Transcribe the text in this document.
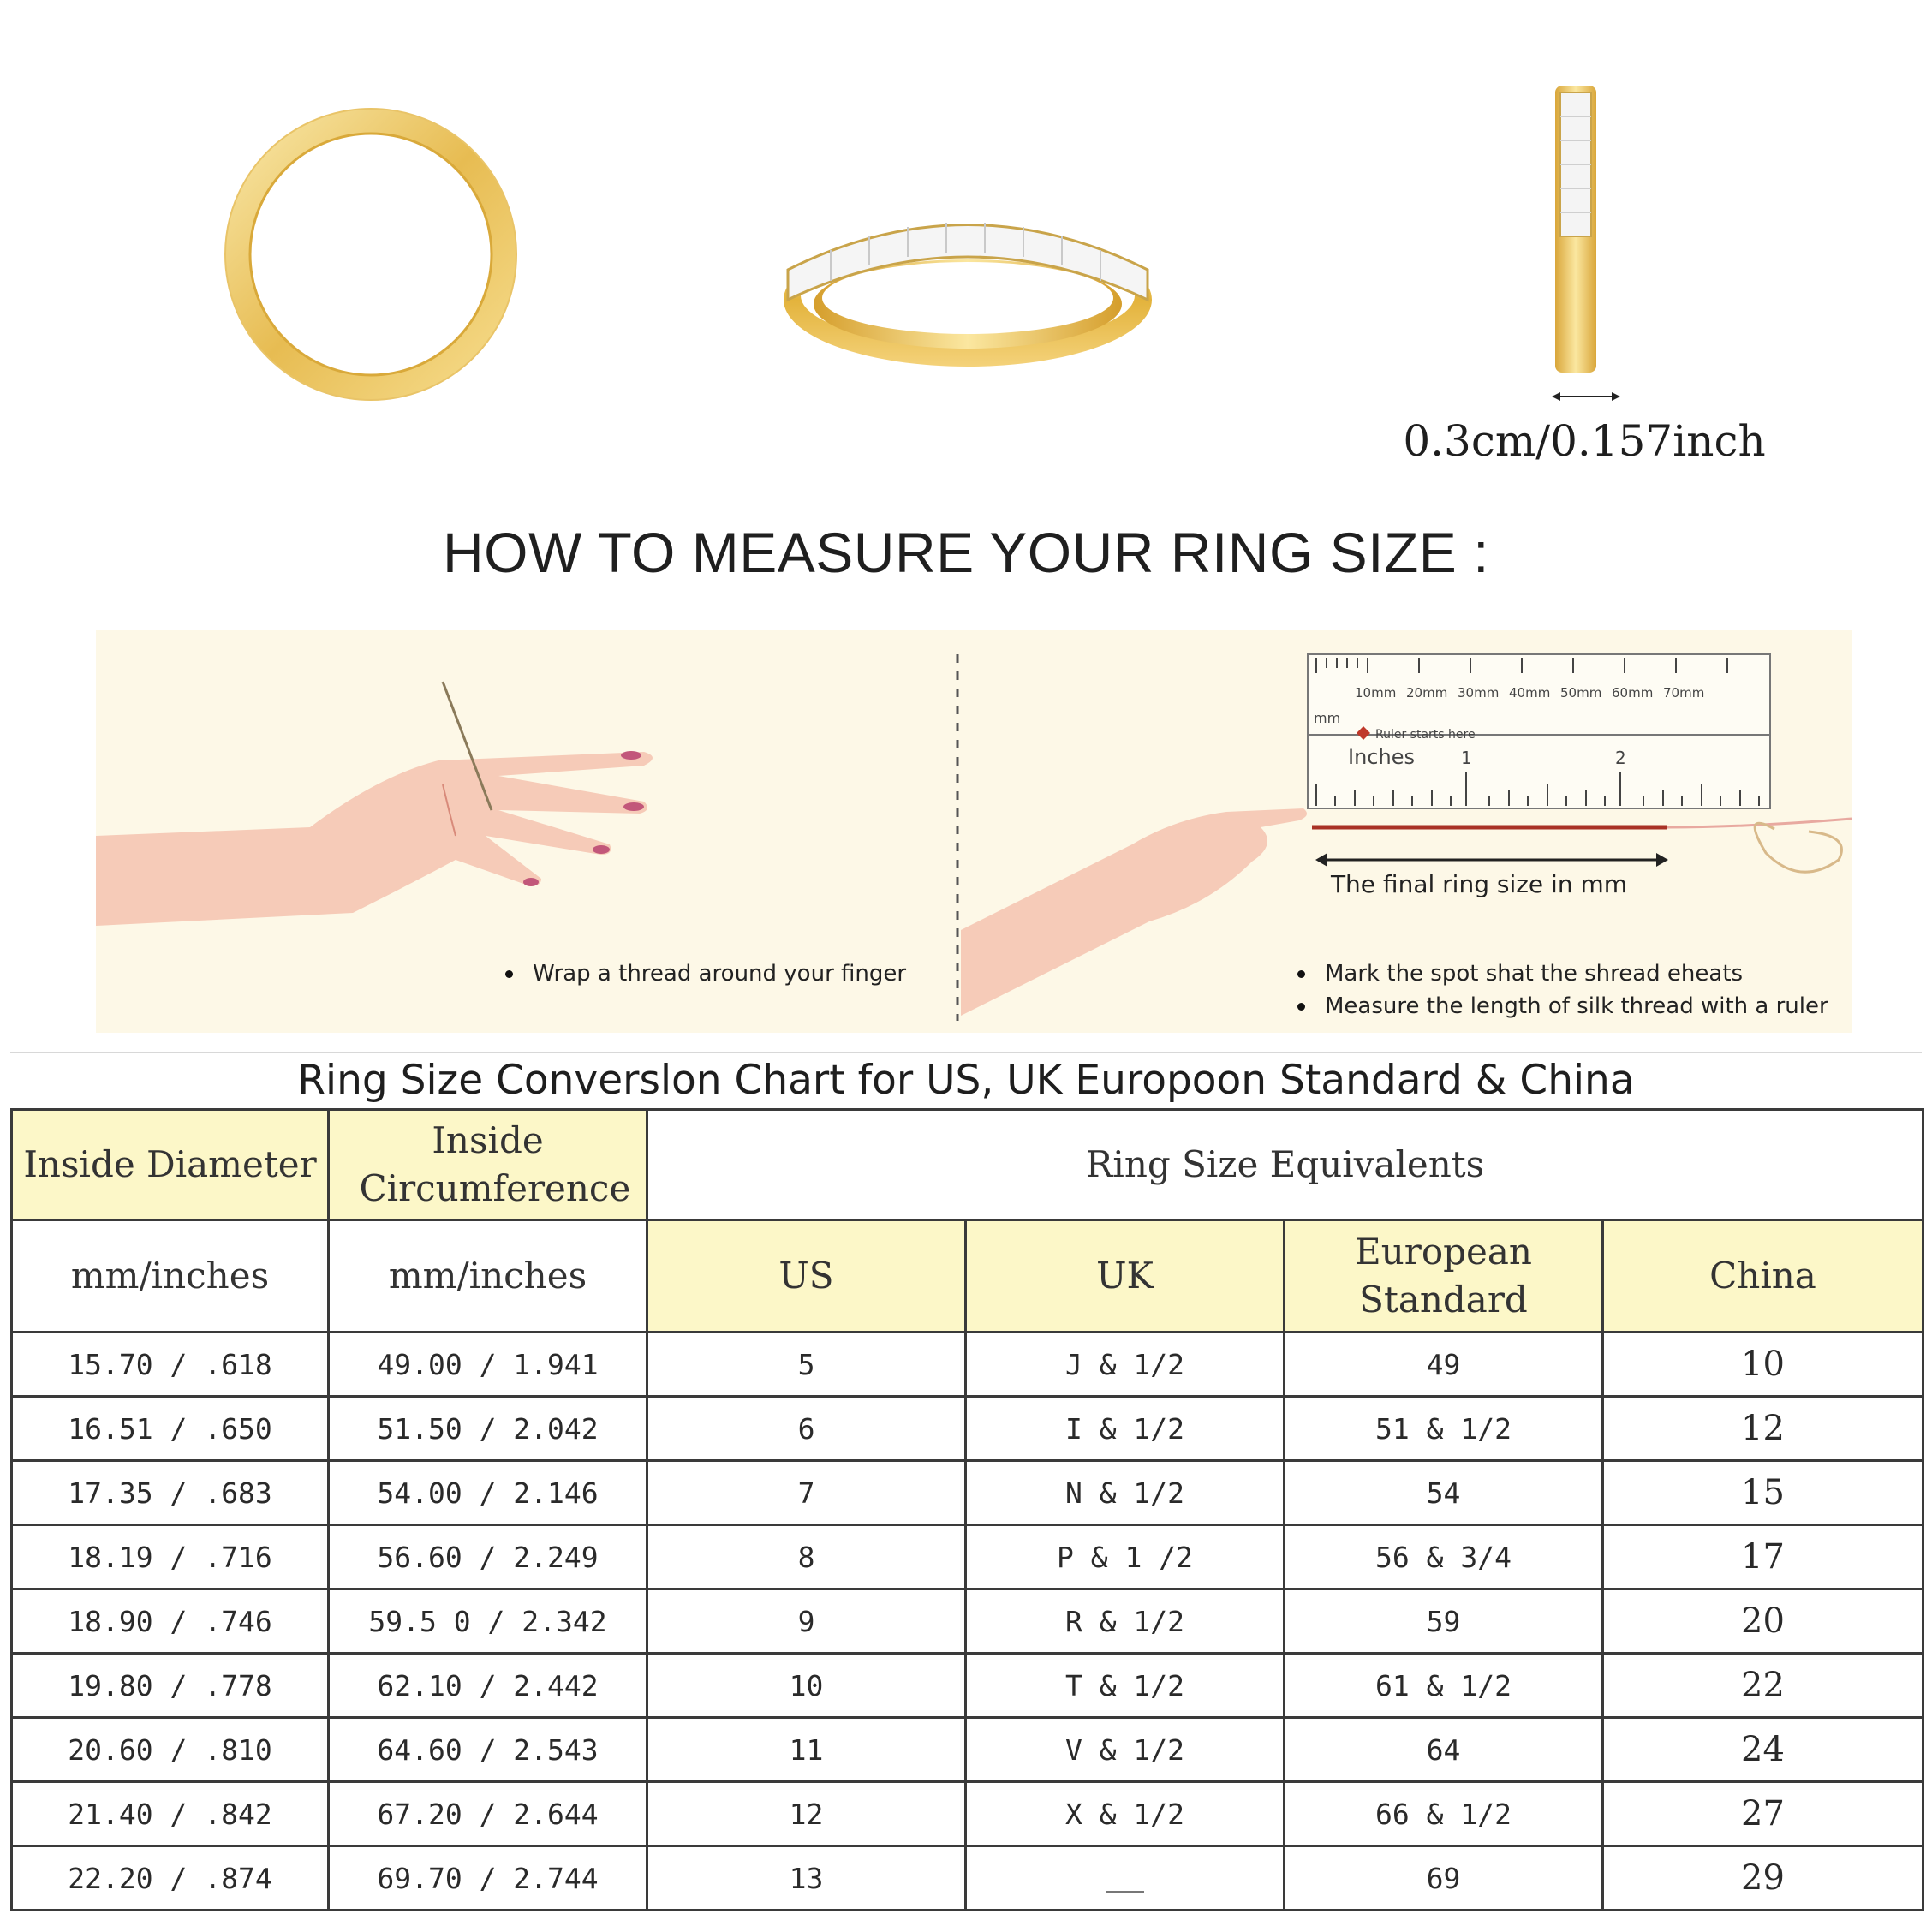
0.3cm/0.157inch
HOW TO MEASURE YOUR RING SIZE :
10mm 20mm 30mm 40mm 50mm 60mm 70mm
mm
Ruler starts here
Inches	1	2
The final ring size in mm
Wrap a thread around your finger	Mark the spot shat the shread eheats
Measure the length of silk thread with a ruler
Ring Size Converslon Chart for US, UK Europoon Standard & China
Inside Diameter	Inside Circumference	Ring Size Equivalents			
mm/inches	mm/inches	US	UK	European Standard	China
15.70 / .618	49.00 / 1.941	5	J & 1/2	49	10
16.51 / .650	51.50 / 2.042	6	I & 1/2	51 & 1/2	12
17.35 / .683	54.00 / 2.146	7	N & 1/2	54	15
18.19 / .716	56.60 / 2.249	8	P & 1 /2	56 & 3/4	17
18.90 / .746	59.5 0 / 2.342	9	R & 1/2	59	20
19.80 / .778	62.10 / 2.442	10	T & 1/2	61 & 1/2	22
20.60 / .810	64.60 / 2.543	11	V & 1/2	64	24
21.40 / .842	67.20 / 2.644	12	X & 1/2	66 & 1/2	27
22.20 / .874	69.70 / 2.744	13		69	29
